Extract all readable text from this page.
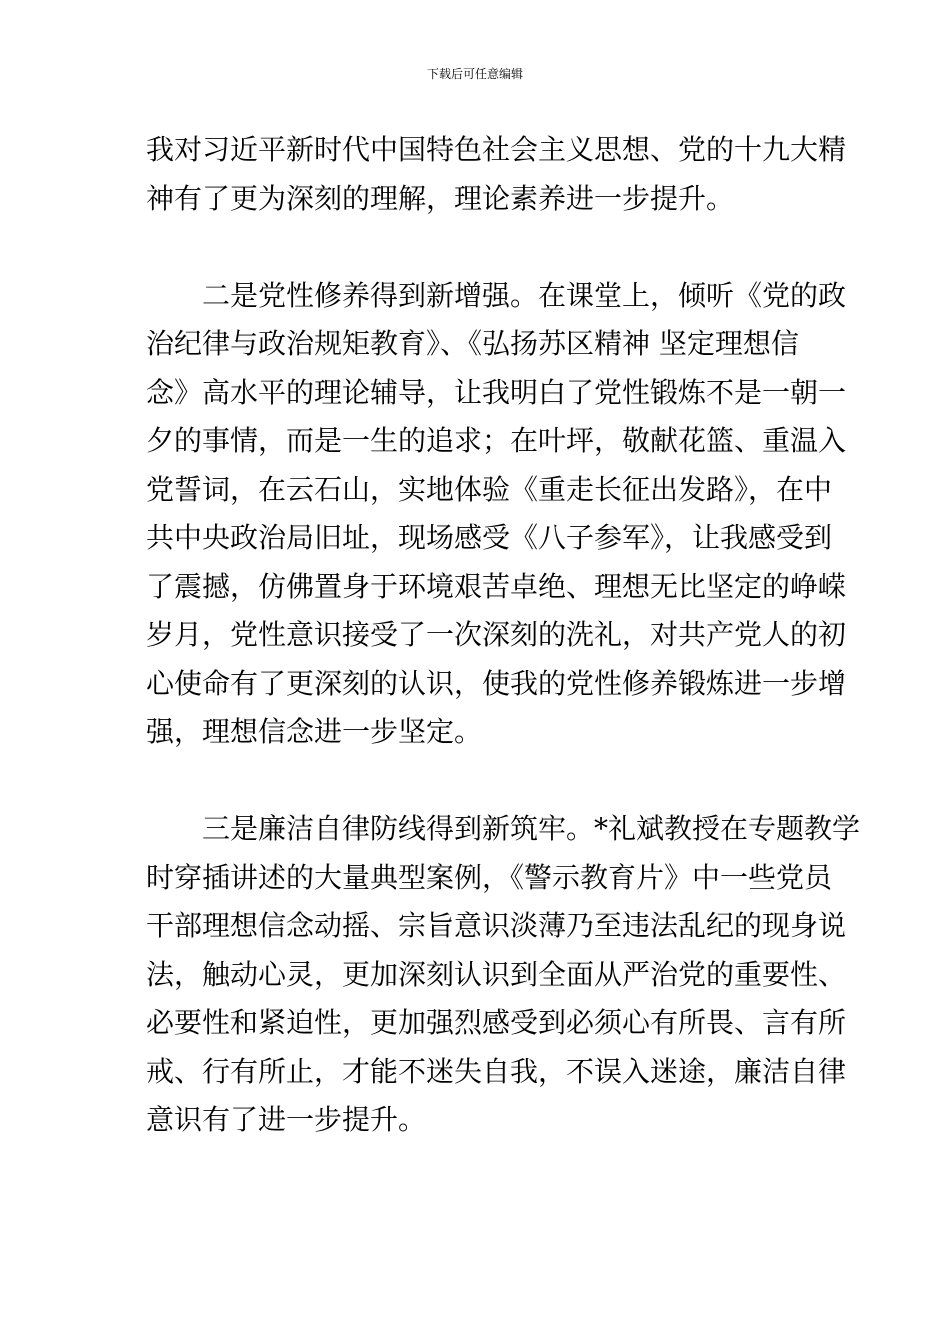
下载后可任意编辑
我对习近平新时代中国特色社会主义思想、党的十九大精
神有了更为深刻的理解，理论素养进一步提升。
　　二是党性修养得到新增强。在课堂上，倾听《党的政
治纪律与政治规矩教育》、《弘扬苏区精神 坚定理想信
念》高水平的理论辅导，让我明白了党性锻炼不是一朝一
夕的事情，而是一生的追求；在叶坪，敬献花篮、重温入
党誓词，在云石山，实地体验《重走长征出发路》，在中
共中央政治局旧址，现场感受《八子参军》，让我感受到
了震撼，仿佛置身于环境艰苦卓绝、理想无比坚定的峥嵘
岁月，党性意识接受了一次深刻的洗礼，对共产党人的初
心使命有了更深刻的认识，使我的党性修养锻炼进一步增
强，理想信念进一步坚定。
　　三是廉洁自律防线得到新筑牢。*礼斌教授在专题教学
时穿插讲述的大量典型案例，《警示教育片》中一些党员
干部理想信念动摇、宗旨意识淡薄乃至违法乱纪的现身说
法，触动心灵，更加深刻认识到全面从严治党的重要性、
必要性和紧迫性，更加强烈感受到必须心有所畏、言有所
戒、行有所止，才能不迷失自我，不误入迷途，廉洁自律
意识有了进一步提升。
